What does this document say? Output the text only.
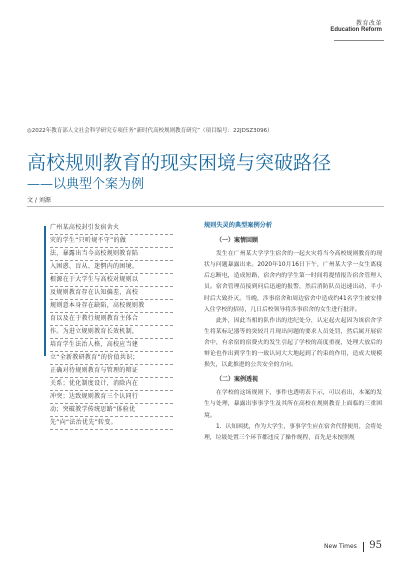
教育改革
Education Reform
◎2022年教育部人文社会科学研究专项任务“新时代高校规则教育研究”（项目编号：22JDSZ3096）
高校规则教育的现实困境与突破路径
——以典型个案为例
文 / 刘源
广州某高校封引发宿舍火
灾的学生“只听规不守”的做
法，暴露出当今高校规则教育陷
入困惑、盲从、迷惘内的困境。
根源在于大学生与高校对规则以
及规则教育存在认知偏差，高校
规则意本身存在缺陷，高校规则教
育以及在于教行规则教育主体合
作。为进立规则教育长效机制，
培育学生法治人格，高校应当建
立“全新教研教育”的价值共识；
正确对待规则教育与管理的辩证
关系；优化制度设计，消除内在
冲突；达致规则教育三个认同行
动；突破教学传统思路“体验优
先”向“法治优先”转变。
规则失灵的典型案例分析
（一）案情回顾

发生在广州某大学学生宿舍的一起火灾将当今高校规则教育的现状与问题暴露出来。2020年10月16日下午，广州某大学一女生离寝后忘断电，造成短路，宿舍内的学生第一时间将提情报告宿舍管理人员。宿舍管理员接到问后迅速的报警，然后消防队员迅速出动，半小时后大致扑灭。当晚，涉事宿舍和周边宿舍中造成约41名学生被安排入住学校的招待，几日后校领导将涉事宿舍的女生进行批评。

此外，因此当相的队作出的违纪处分，认定起火起因为该宿舍学生将某标记器等的突较月月现出问题的要求人员处罚，然后属开展宿舍中，有余宿的宿费火的发生引起了学校的高度重视，处理大放后的辩论也作出到学生的一致认同大大地起到了约束的作用，造成大规模损失，以此推进的公共安全的方向。

（二）案例透视

在学校的这场规则下，事件也透明表下示，可以看出，本案的发生与处理，暴露出事事学生及其所在高校在规则教育上面临的三重困境。

1．认知困扰，作为大学生，事事学生应在宿舍代替便用，会将处理，垃圾处置三个环节都违反了操作规程，首先是未按照规

New Times 95
